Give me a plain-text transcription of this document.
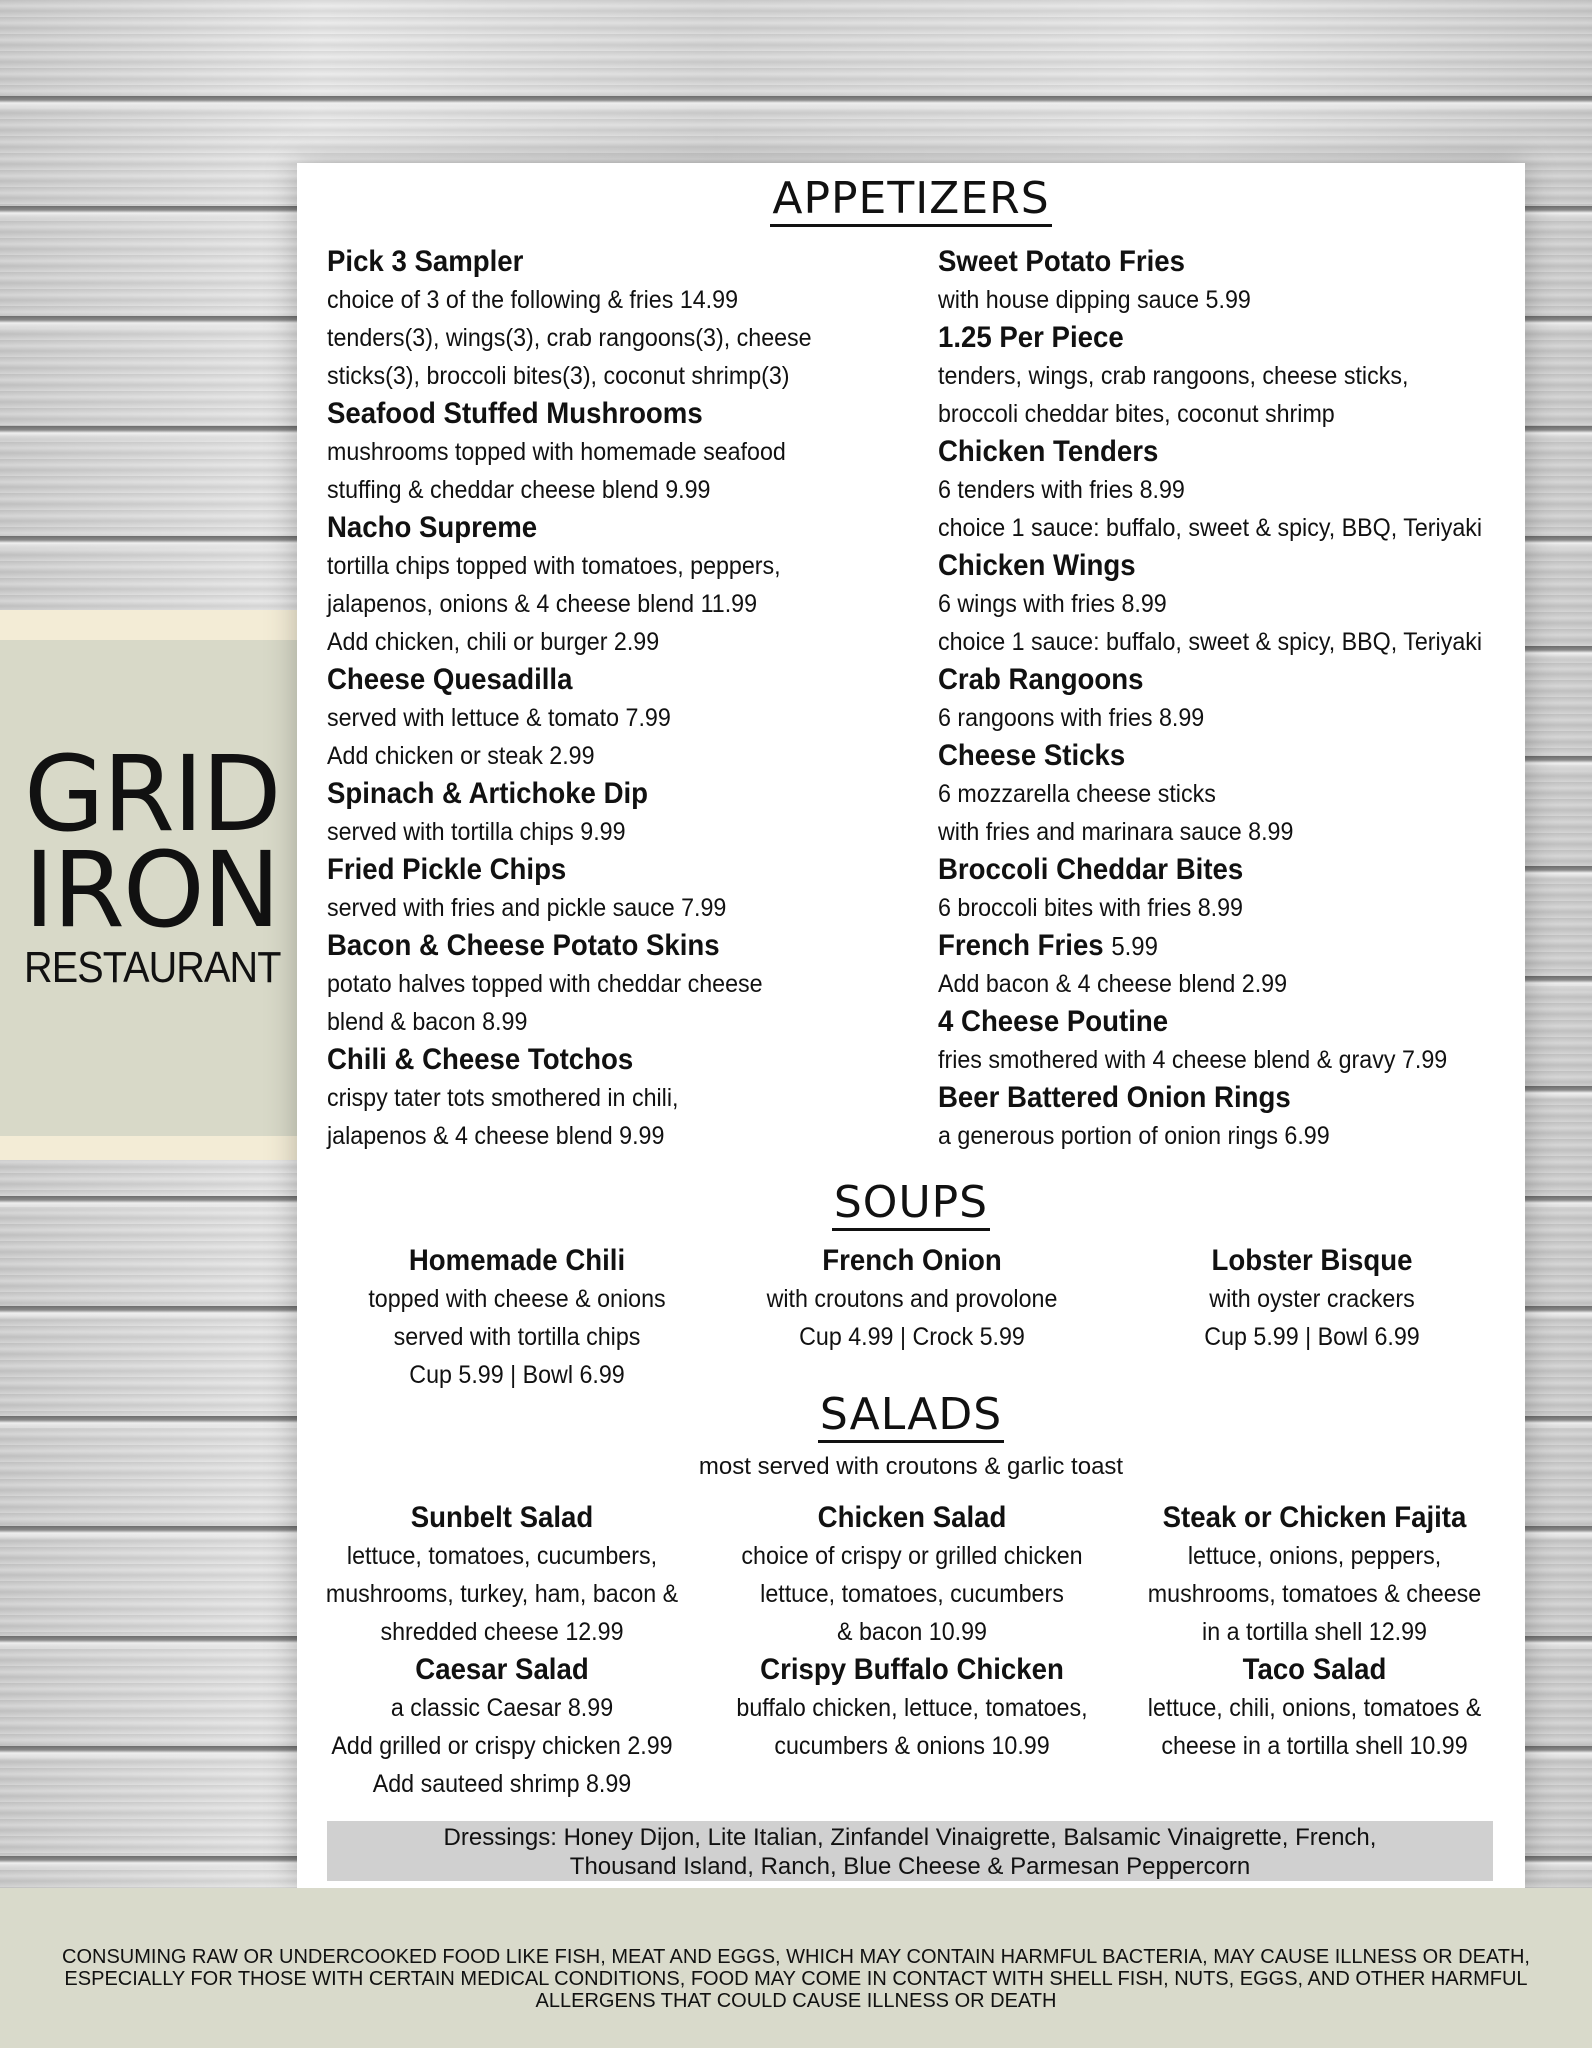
GRID
IRON
RESTAURANT
APPETIZERS
Pick 3 Sampler
choice of 3 of the following & fries 14.99
tenders(3), wings(3), crab rangoons(3), cheese
sticks(3), broccoli bites(3), coconut shrimp(3)
Seafood Stuffed Mushrooms
mushrooms topped with homemade seafood
stuffing & cheddar cheese blend 9.99
Nacho Supreme
tortilla chips topped with tomatoes, peppers,
jalapenos, onions & 4 cheese blend 11.99
Add chicken, chili or burger 2.99
Cheese Quesadilla
served with lettuce & tomato 7.99
Add chicken or steak 2.99
Spinach & Artichoke Dip
served with tortilla chips 9.99
Fried Pickle Chips
served with fries and pickle sauce 7.99
Bacon & Cheese Potato Skins
potato halves topped with cheddar cheese
blend & bacon 8.99
Chili & Cheese Totchos
crispy tater tots smothered in chili,
jalapenos & 4 cheese blend 9.99
Sweet Potato Fries
with house dipping sauce 5.99
1.25 Per Piece
tenders, wings, crab rangoons, cheese sticks,
broccoli cheddar bites, coconut shrimp
Chicken Tenders
6 tenders with fries 8.99
choice 1 sauce: buffalo, sweet & spicy, BBQ, Teriyaki
Chicken Wings
6 wings with fries 8.99
choice 1 sauce: buffalo, sweet & spicy, BBQ, Teriyaki
Crab Rangoons
6 rangoons with fries 8.99
Cheese Sticks
6 mozzarella cheese sticks
with fries and marinara sauce 8.99
Broccoli Cheddar Bites
6 broccoli bites with fries 8.99
French Fries 5.99
Add bacon & 4 cheese blend 2.99
4 Cheese Poutine
fries smothered with 4 cheese blend & gravy 7.99
Beer Battered Onion Rings
a generous portion of onion rings 6.99
SOUPS
Homemade Chili
topped with cheese & onions
served with tortilla chips
Cup 5.99 | Bowl 6.99
French Onion
with croutons and provolone
Cup 4.99 | Crock 5.99
Lobster Bisque
with oyster crackers
Cup 5.99 | Bowl 6.99
SALADS
most served with croutons & garlic toast
Sunbelt Salad
lettuce, tomatoes, cucumbers,
mushrooms, turkey, ham, bacon &
shredded cheese 12.99
Caesar Salad
a classic Caesar 8.99
Add grilled or crispy chicken 2.99
Add sauteed shrimp 8.99
Chicken Salad
choice of crispy or grilled chicken
lettuce, tomatoes, cucumbers
& bacon 10.99
Crispy Buffalo Chicken
buffalo chicken, lettuce, tomatoes,
cucumbers & onions 10.99
Steak or Chicken Fajita
lettuce, onions, peppers,
mushrooms, tomatoes & cheese
in a tortilla shell 12.99
Taco Salad
lettuce, chili, onions, tomatoes &
cheese in a tortilla shell 10.99
Dressings: Honey Dijon, Lite Italian, Zinfandel Vinaigrette, Balsamic Vinaigrette, French,
Thousand Island, Ranch, Blue Cheese & Parmesan Peppercorn
CONSUMING RAW OR UNDERCOOKED FOOD LIKE FISH, MEAT AND EGGS, WHICH MAY CONTAIN HARMFUL BACTERIA, MAY CAUSE ILLNESS OR DEATH, ESPECIALLY FOR THOSE WITH CERTAIN MEDICAL CONDITIONS, FOOD MAY COME IN CONTACT WITH SHELL FISH, NUTS, EGGS, AND OTHER HARMFUL ALLERGENS THAT COULD CAUSE ILLNESS OR DEATH
